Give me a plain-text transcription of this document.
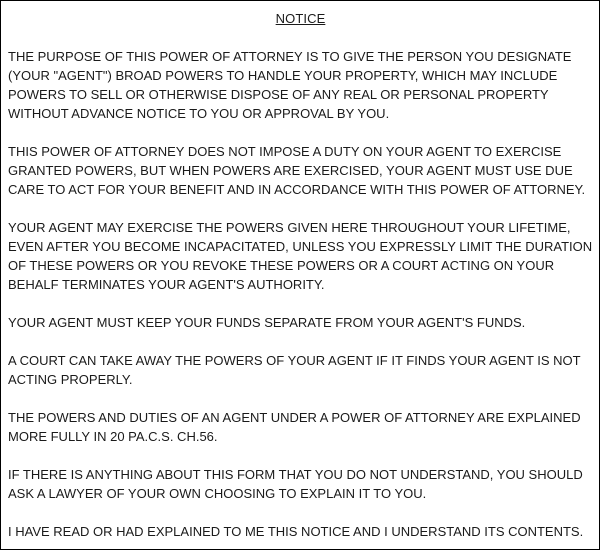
NOTICE
THE PURPOSE OF THIS POWER OF ATTORNEY IS TO GIVE THE PERSON YOU DESIGNATE
(YOUR "AGENT") BROAD POWERS TO HANDLE YOUR PROPERTY, WHICH MAY INCLUDE
POWERS TO SELL OR OTHERWISE DISPOSE OF ANY REAL OR PERSONAL PROPERTY
WITHOUT ADVANCE NOTICE TO YOU OR APPROVAL BY YOU.
THIS POWER OF ATTORNEY DOES NOT IMPOSE A DUTY ON YOUR AGENT TO EXERCISE
GRANTED POWERS, BUT WHEN POWERS ARE EXERCISED, YOUR AGENT MUST USE DUE
CARE TO ACT FOR YOUR BENEFIT AND IN ACCORDANCE WITH THIS POWER OF ATTORNEY.
YOUR AGENT MAY EXERCISE THE POWERS GIVEN HERE THROUGHOUT YOUR LIFETIME,
EVEN AFTER YOU BECOME INCAPACITATED, UNLESS YOU EXPRESSLY LIMIT THE DURATION
OF THESE POWERS OR YOU REVOKE THESE POWERS OR A COURT ACTING ON YOUR
BEHALF TERMINATES YOUR AGENT'S AUTHORITY.
YOUR AGENT MUST KEEP YOUR FUNDS SEPARATE FROM YOUR AGENT'S FUNDS.
A COURT CAN TAKE AWAY THE POWERS OF YOUR AGENT IF IT FINDS YOUR AGENT IS NOT
ACTING PROPERLY.
THE POWERS AND DUTIES OF AN AGENT UNDER A POWER OF ATTORNEY ARE EXPLAINED
MORE FULLY IN 20 PA.C.S. CH.56.
IF THERE IS ANYTHING ABOUT THIS FORM THAT YOU DO NOT UNDERSTAND, YOU SHOULD
ASK A LAWYER OF YOUR OWN CHOOSING TO EXPLAIN IT TO YOU.
I HAVE READ OR HAD EXPLAINED TO ME THIS NOTICE AND I UNDERSTAND ITS CONTENTS.
